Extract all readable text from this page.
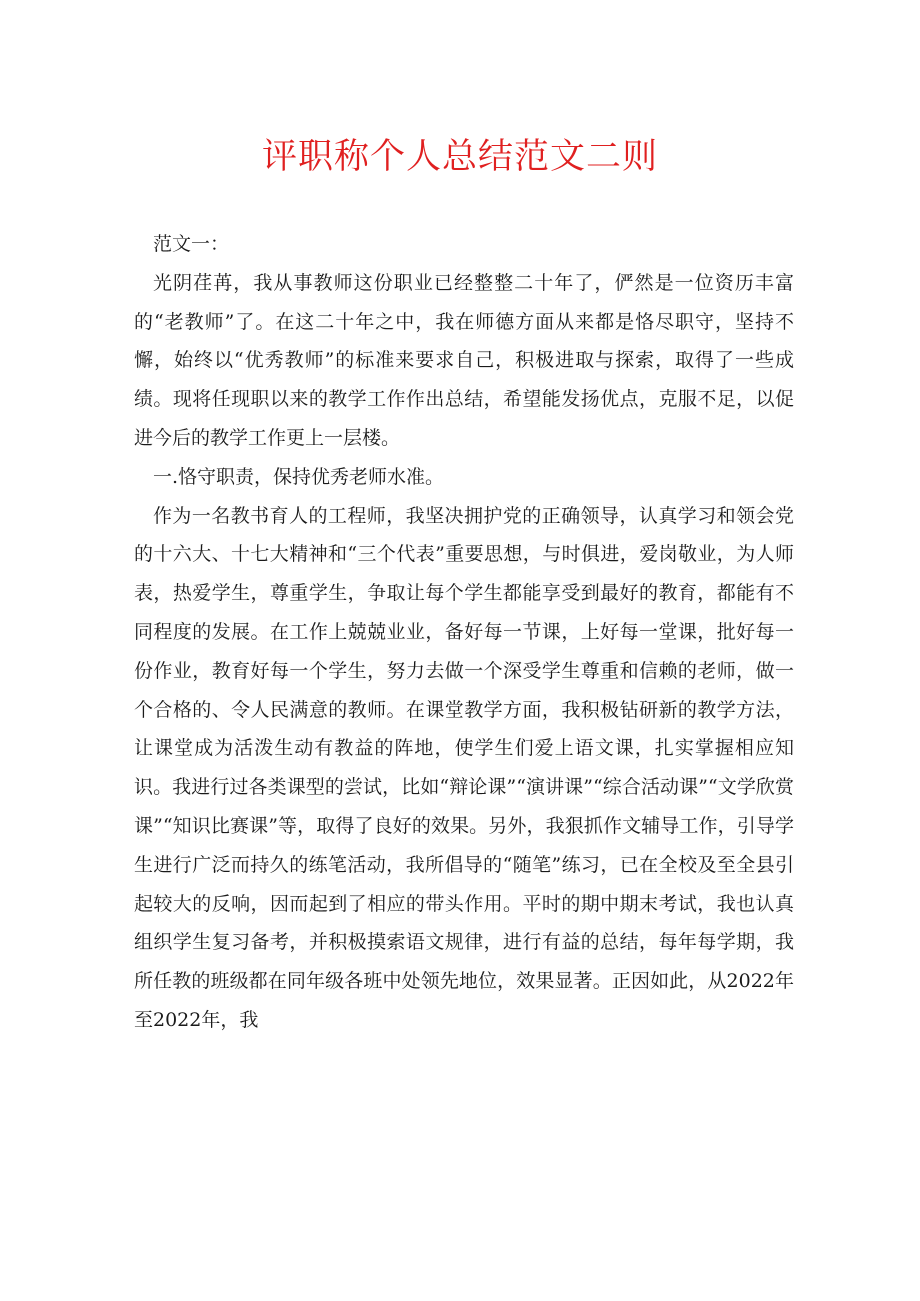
评职称个人总结范文二则

范文一：

光阴荏苒，我从事教师这份职业已经整整二十年了，俨然是一位资历丰富的“老教师”了。在这二十年之中，我在师德方面从来都是恪尽职守，坚持不懈，始终以“优秀教师”的标准来要求自己，积极进取与探索，取得了一些成绩。现将任现职以来的教学工作作出总结，希望能发扬优点，克服不足，以促进今后的教学工作更上一层楼。

一.恪守职责，保持优秀老师水准。

作为一名教书育人的工程师，我坚决拥护党的正确领导，认真学习和领会党的十六大、十七大精神和“三个代表”重要思想，与时俱进，爱岗敬业，为人师表，热爱学生，尊重学生，争取让每个学生都能享受到最好的教育，都能有不同程度的发展。在工作上兢兢业业，备好每一节课，上好每一堂课，批好每一份作业，教育好每一个学生，努力去做一个深受学生尊重和信赖的老师，做一个合格的、令人民满意的教师。在课堂教学方面，我积极钻研新的教学方法，让课堂成为活泼生动有教益的阵地，使学生们爱上语文课，扎实掌握相应知识。我进行过各类课型的尝试，比如“辩论课”“演讲课”“综合活动课”“文学欣赏课”“知识比赛课”等，取得了良好的效果。另外，我狠抓作文辅导工作，引导学生进行广泛而持久的练笔活动，我所倡导的“随笔”练习，已在全校及至全县引起较大的反响，因而起到了相应的带头作用。平时的期中期末考试，我也认真组织学生复习备考，并积极摸索语文规律，进行有益的总结，每年每学期，我所任教的班级都在同年级各班中处领先地位，效果显著。正因如此，从2022年至2022年，我
